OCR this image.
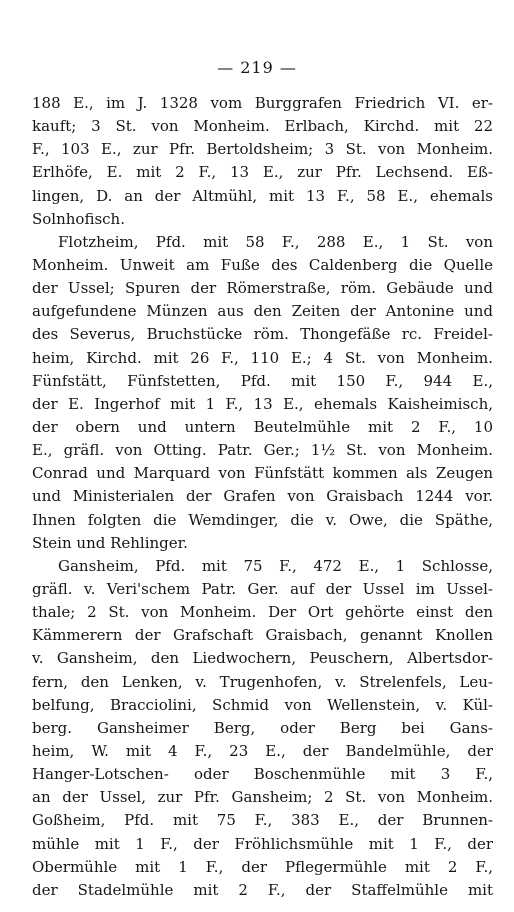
— 219 —
188 E., im J. 1328 vom Burggrafen Friedrich VI. er-
kauft; 3 St. von Monheim. Erlbach, Kirchd. mit 22
F., 103 E., zur Pfr. Bertoldsheim; 3 St. von Monheim.
Erlhöfe, E. mit 2 F., 13 E., zur Pfr. Lechsend. Eß-
lingen, D. an der Altmühl, mit 13 F., 58 E., ehemals
Solnhofisch.
Flotzheim, Pfd. mit 58 F., 288 E., 1 St. von
Monheim. Unweit am Fuße des Caldenberg die Quelle
der Ussel; Spuren der Römerstraße, röm. Gebäude und
aufgefundene Münzen aus den Zeiten der Antonine und
des Severus, Bruchstücke röm. Thongefäße rc. Freidel-
heim, Kirchd. mit 26 F., 110 E.; 4 St. von Monheim.
Fünfstätt, Fünfstetten, Pfd. mit 150 F., 944 E.,
der E. Ingerhof mit 1 F., 13 E., ehemals Kaisheimisch,
der obern und untern Beutelmühle mit 2 F., 10
E., gräfl. von Otting. Patr. Ger.; 1½ St. von Monheim.
Conrad und Marquard von Fünfstätt kommen als Zeugen
und Ministerialen der Grafen von Graisbach 1244 vor.
Ihnen folgten die Wemdinger, die v. Owe, die Späthe,
Stein und Rehlinger.
Gansheim, Pfd. mit 75 F., 472 E., 1 Schlosse,
gräfl. v. Veri'schem Patr. Ger. auf der Ussel im Ussel-
thale; 2 St. von Monheim. Der Ort gehörte einst den
Kämmerern der Grafschaft Graisbach, genannt Knollen
v. Gansheim, den Liedwochern, Peuschern, Albertsdor-
fern, den Lenken, v. Trugenhofen, v. Strelenfels, Leu-
belfung, Bracciolini, Schmid von Wellenstein, v. Kül-
berg. Gansheimer Berg, oder Berg bei Gans-
heim, W. mit 4 F., 23 E., der Bandelmühle, der
Hanger-Lotschen- oder Boschenmühle mit 3 F.,
an der Ussel, zur Pfr. Gansheim; 2 St. von Monheim.
Goßheim, Pfd. mit 75 F., 383 E., der Brunnen-
mühle mit 1 F., der Fröhlichsmühle mit 1 F., der
Obermühle mit 1 F., der Pflegermühle mit 2 F.,
der Stadelmühle mit 2 F., der Staffelmühle mit
